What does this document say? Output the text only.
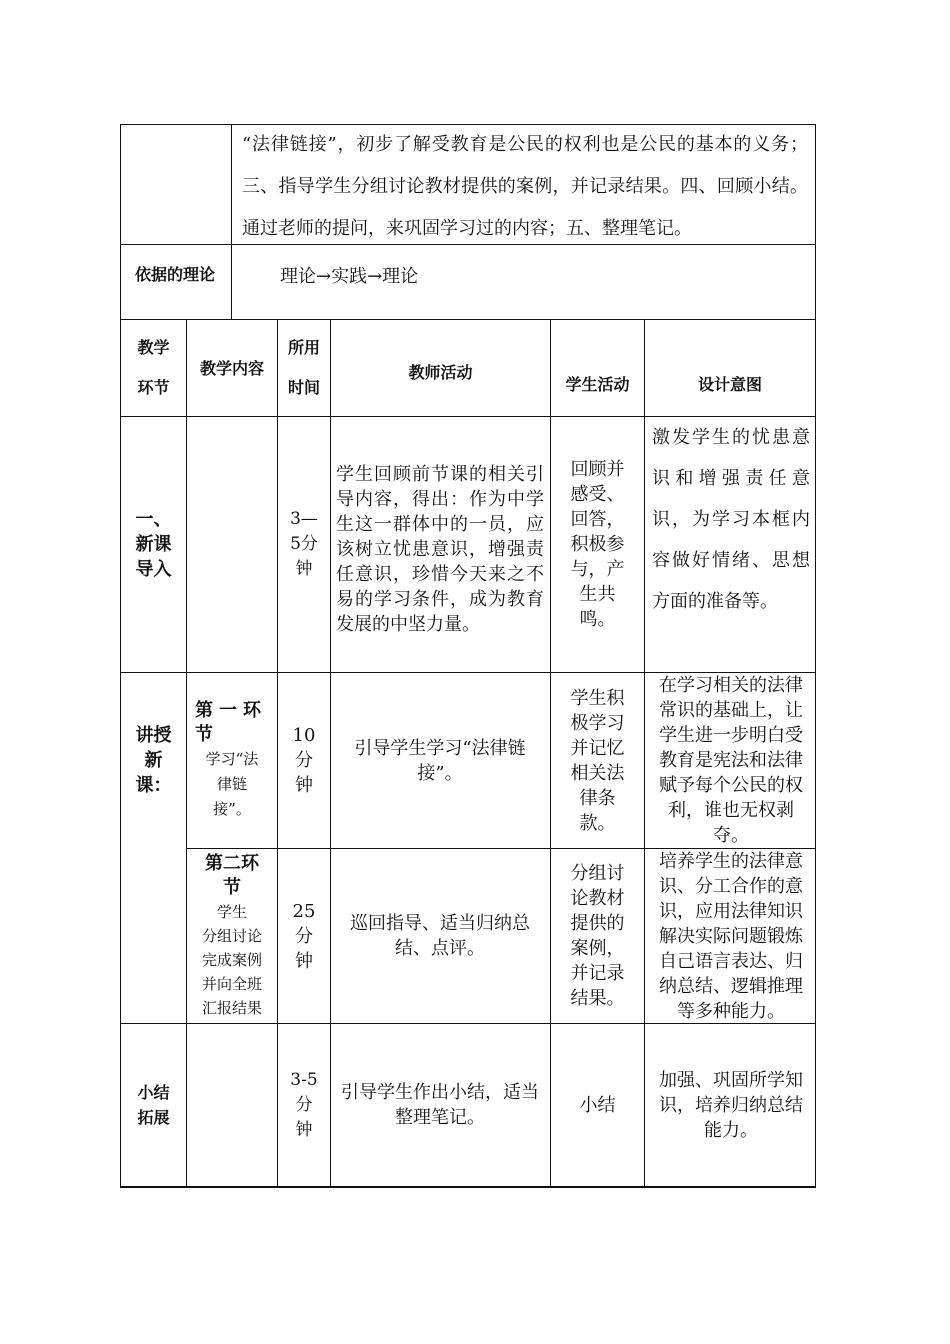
“法律链接”，初步了解受教育是公民的权利也是公民的基本的义务；三、指导学生分组讨论教材提供的案例，并记录结果。四、回顾小结。通过老师的提问，来巩固学习过的内容；五、整理笔记。
依据的理论	理论→实践→理论
教学

环节
教学内容
所用

时间
教师活动
学生活动	设计意图
一、
新课
导入
3—
5分
钟
学生回顾前节课的相关引导内容，得出：作为中学生这一群体中的一员，应该树立忧患意识，增强责任意识，珍惜今天来之不易的学习条件，成为教育发展的中坚力量。
回顾并
感受、
回答，
积极参
与，产
生共
鸣。
激发学生的忧患意识和增强责任意识，为学习本框内容做好情绪、思想方面的准备等。
讲授
新
课：
第一环
节
学习“法
律链
接”。
10
分
钟
引导学生学习“法律链接”。
学生积
极学习
并记忆
相关法
律条
款。
在学习相关的法律常识的基础上，让学生进一步明白受教育是宪法和法律赋予每个公民的权利，谁也无权剥夺。
第二环
节
学生
分组讨论
完成案例
并向全班
汇报结果
25
分
钟
巡回指导、适当归纳总结、点评。
分组讨
论教材
提供的
案例，
并记录
结果。
培养学生的法律意识、分工合作的意识，应用法律知识解决实际问题锻炼自己语言表达、归纳总结、逻辑推理等多种能力。
小结
拓展
3-5
分
钟
引导学生作出小结，适当整理笔记。
小结
加强、巩固所学知识，培养归纳总结能力。
